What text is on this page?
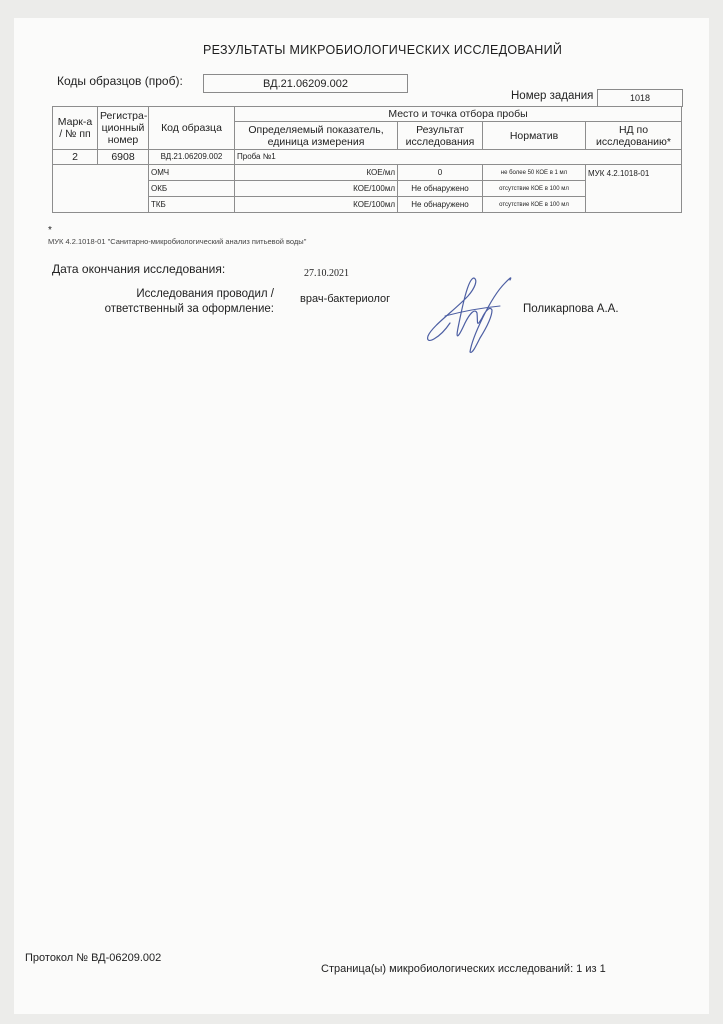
РЕЗУЛЬТАТЫ МИКРОБИОЛОГИЧЕСКИХ ИССЛЕДОВАНИЙ
Коды образцов (проб):	ВД.21.06209.002
Номер задания	1018
Марк-а / № пп	Регистра-ционный номер	Код образца	Место и точка отбора пробы			
			Определяемый показатель, единица измерения	Результат исследования	Норматив	НД по исследованию*
2	6908	ВД.21.06209.002	Проба №1			
		ОМЧ	КОЕ/мл	0	не более 50 КОЕ в 1 мл	МУК 4.2.1018-01
		ОКБ	КОЕ/100мл	Не обнаружено	отсутствие КОЕ в 100 мл	
		ТКБ	КОЕ/100мл	Не обнаружено	отсутствие КОЕ в 100 мл	
*
МУК 4.2.1018-01 "Санитарно-микробиологический анализ питьевой воды"
Дата окончания исследования:	27.10.2021
Исследования проводил / ответственный за оформление:
врач-бактериолог
Поликарпова А.А.
Протокол № ВД-06209.002
Страница(ы) микробиологических исследований: 1 из 1
